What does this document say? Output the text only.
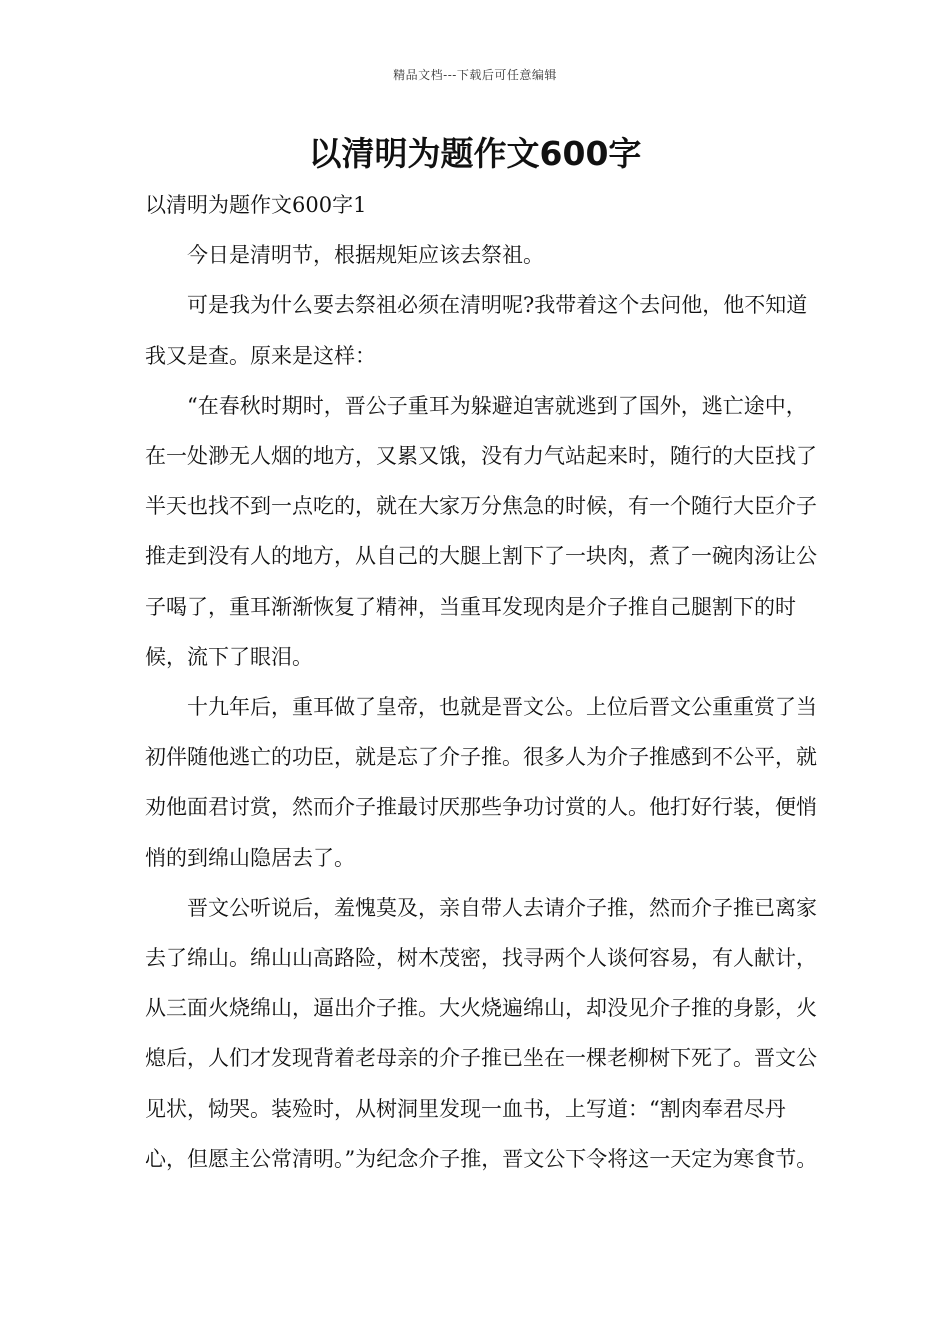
精品文档---下载后可任意编辑
以清明为题作文600字

以清明为题作文600字1

今日是清明节，根据规矩应该去祭祖。

可是我为什么要去祭祖必须在清明呢?我带着这个去问他，他不知道我又是查。原来是这样：

“在春秋时期时，晋公子重耳为躲避迫害就逃到了国外，逃亡途中，在一处渺无人烟的地方，又累又饿，没有力气站起来时，随行的大臣找了半天也找不到一点吃的，就在大家万分焦急的时候，有一个随行大臣介子推走到没有人的地方，从自己的大腿上割下了一块肉，煮了一碗肉汤让公子喝了，重耳渐渐恢复了精神，当重耳发现肉是介子推自己腿割下的时候，流下了眼泪。

十九年后，重耳做了皇帝，也就是晋文公。上位后晋文公重重赏了当初伴随他逃亡的功臣，就是忘了介子推。很多人为介子推感到不公平，就劝他面君讨赏，然而介子推最讨厌那些争功讨赏的人。他打好行装，便悄悄的到绵山隐居去了。

晋文公听说后，羞愧莫及，亲自带人去请介子推，然而介子推已离家去了绵山。绵山山高路险，树木茂密，找寻两个人谈何容易，有人献计，从三面火烧绵山，逼出介子推。大火烧遍绵山，却没见介子推的身影，火熄后，人们才发现背着老母亲的介子推已坐在一棵老柳树下死了。晋文公见状，恸哭。装殓时，从树洞里发现一血书，上写道：“割肉奉君尽丹心，但愿主公常清明。”为纪念介子推，晋文公下令将这一天定为寒食节。
